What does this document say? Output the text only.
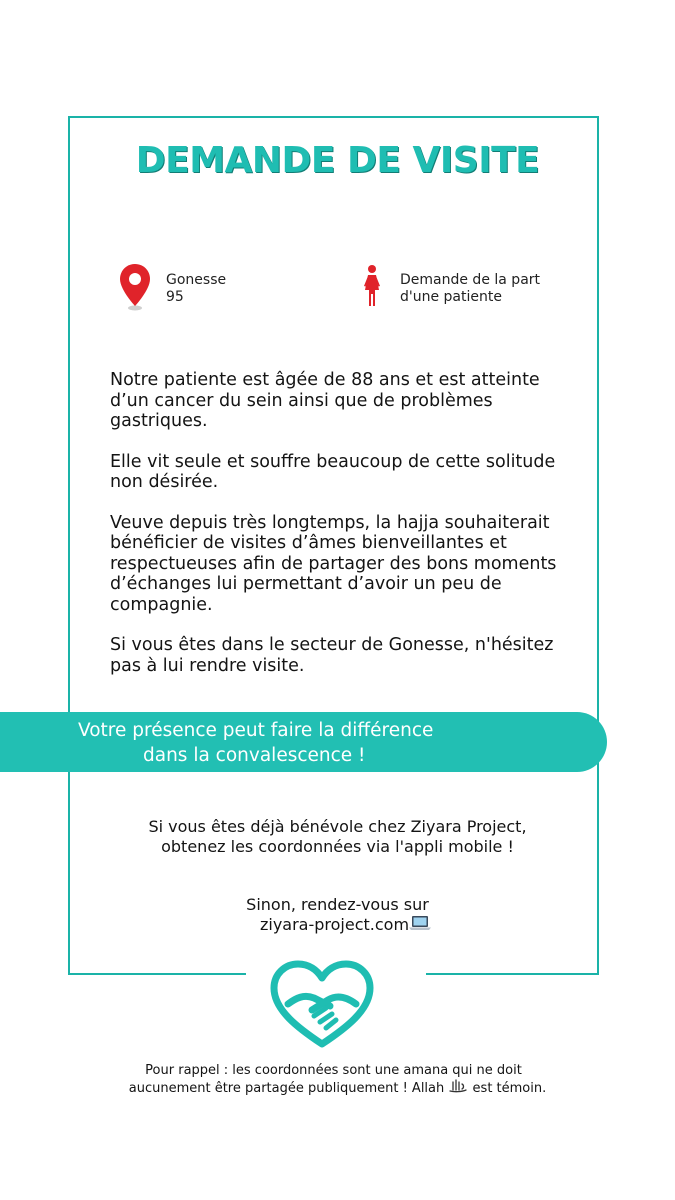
DEMANDE DE VISITE
Gonesse
95
Demande de la part
d'une patiente

Notre patiente est âgée de 88 ans et est atteinte d’un cancer du sein ainsi que de problèmes gastriques.

Elle vit seule et souffre beaucoup de cette solitude non désirée.

Veuve depuis très longtemps, la hajja souhaiterait bénéficier de visites d’âmes bienveillantes et respectueuses afin de partager des bons moments d’échanges lui permettant d’avoir un peu de compagnie.

Si vous êtes dans le secteur de Gonesse, n'hésitez pas à lui rendre visite.

Votre présence peut faire la différence
dans la convalescence !
Si vous êtes déjà bénévole chez Ziyara Project,
obtenez les coordonnées via l'appli mobile !
Sinon, rendez-vous sur
ziyara-project.com
Pour rappel : les coordonnées sont une amana qui ne doit
aucunement être partagée publiquement ! Allah est témoin.
